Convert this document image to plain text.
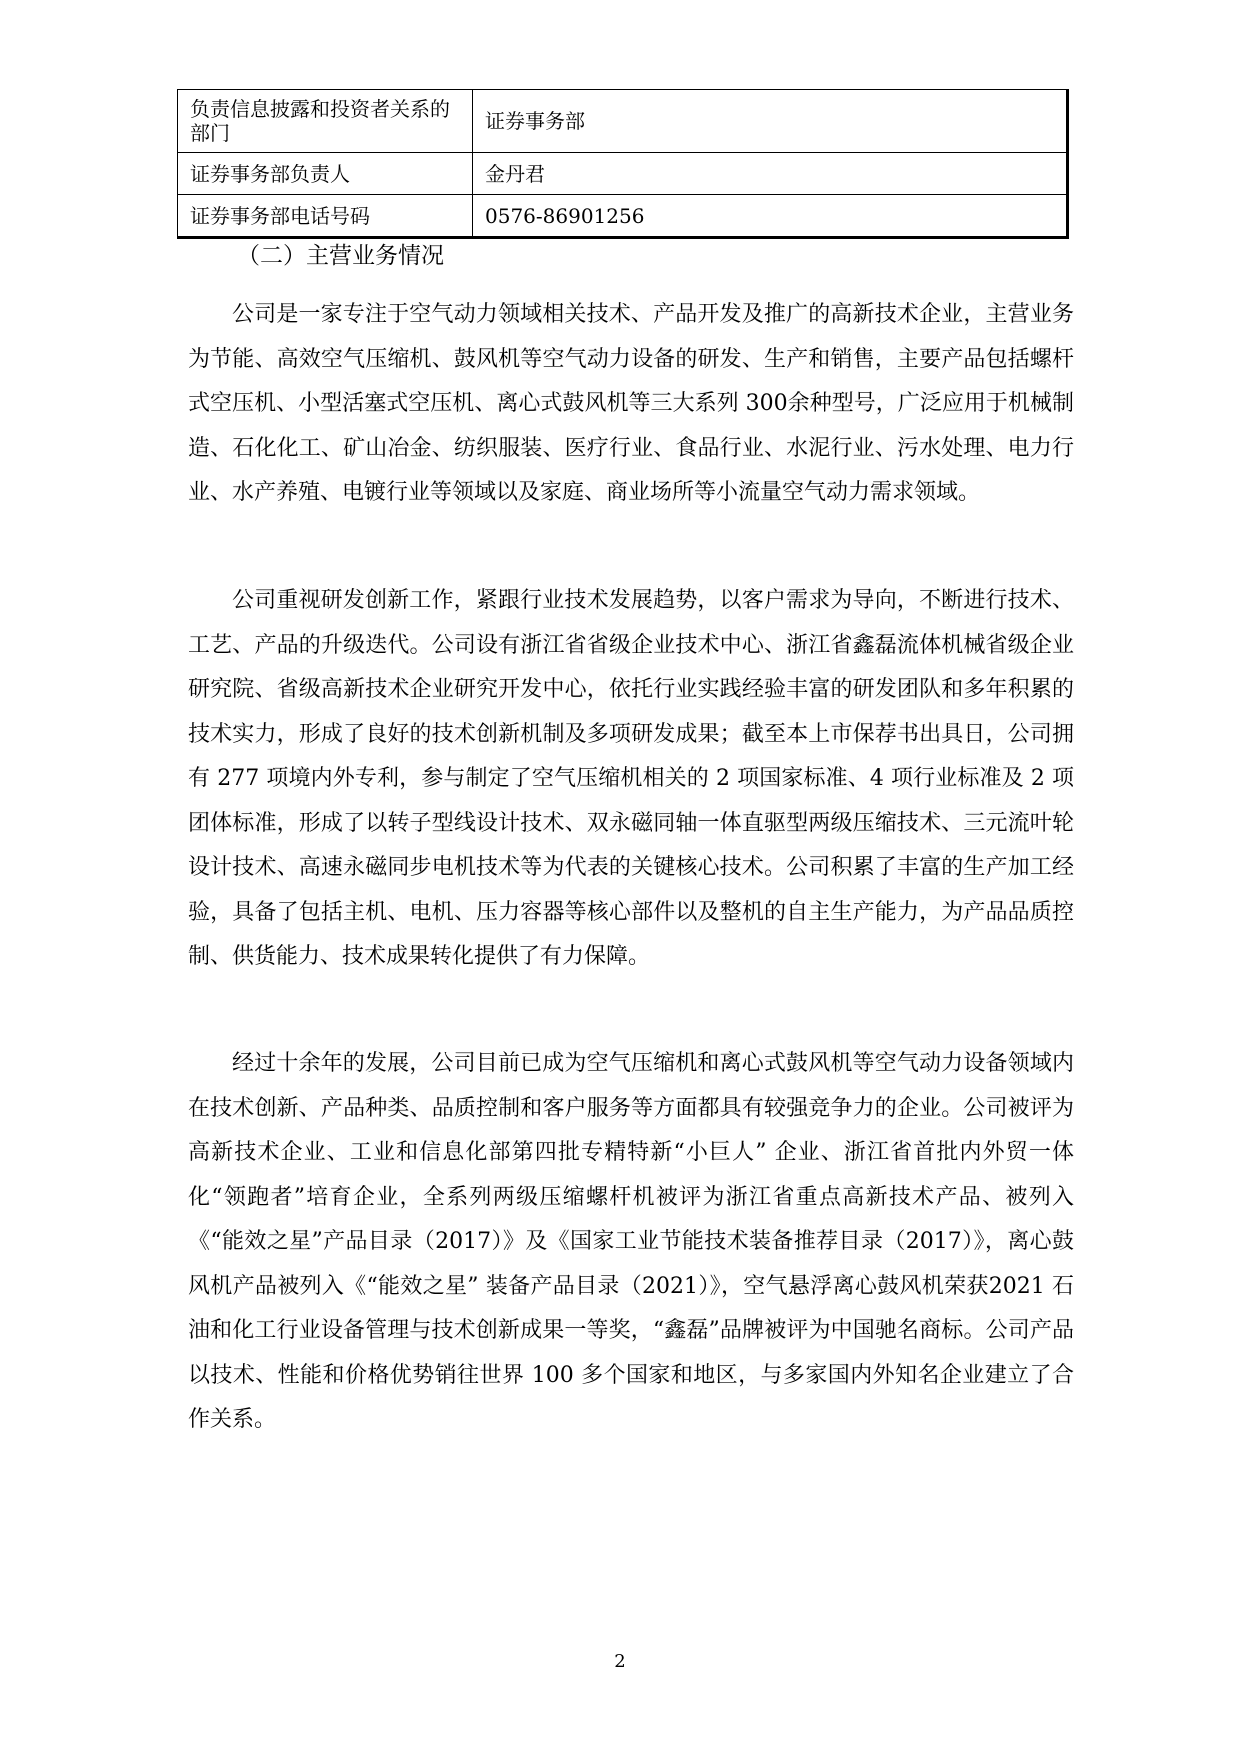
负责信息披露和投资者关系的部门	证券事务部
证券事务部负责人	金丹君
证券事务部电话号码	0576-86901256
（二）主营业务情况

公司是一家专注于空气动力领域相关技术、产品开发及推广的高新技术企业，主营业务为节能、高效空气压缩机、鼓风机等空气动力设备的研发、生产和销售，主要产品包括螺杆式空压机、小型活塞式空压机、离心式鼓风机等三大系列 300余种型号，广泛应用于机械制造、石化化工、矿山冶金、纺织服装、医疗行业、食品行业、水泥行业、污水处理、电力行业、水产养殖、电镀行业等领域以及家庭、商业场所等小流量空气动力需求领域。

公司重视研发创新工作，紧跟行业技术发展趋势，以客户需求为导向，不断进行技术、工艺、产品的升级迭代。公司设有浙江省省级企业技术中心、浙江省鑫磊流体机械省级企业研究院、省级高新技术企业研究开发中心，依托行业实践经验丰富的研发团队和多年积累的技术实力，形成了良好的技术创新机制及多项研发成果；截至本上市保荐书出具日，公司拥有 277 项境内外专利，参与制定了空气压缩机相关的 2 项国家标准、4 项行业标准及 2 项团体标准，形成了以转子型线设计技术、双永磁同轴一体直驱型两级压缩技术、三元流叶轮设计技术、高速永磁同步电机技术等为代表的关键核心技术。公司积累了丰富的生产加工经验，具备了包括主机、电机、压力容器等核心部件以及整机的自主生产能力，为产品品质控制、供货能力、技术成果转化提供了有力保障。

经过十余年的发展，公司目前已成为空气压缩机和离心式鼓风机等空气动力设备领域内在技术创新、产品种类、品质控制和客户服务等方面都具有较强竞争力的企业。公司被评为高新技术企业、工业和信息化部第四批专精特新“小巨人” 企业、浙江省首批内外贸一体化“领跑者”培育企业，全系列两级压缩螺杆机被评为浙江省重点高新技术产品、被列入《“能效之星”产品目录（2017）》及《国家工业节能技术装备推荐目录（2017）》，离心鼓风机产品被列入《“能效之星” 装备产品目录（2021）》，空气悬浮离心鼓风机荣获2021 石油和化工行业设备管理与技术创新成果一等奖，“鑫磊”品牌被评为中国驰名商标。公司产品以技术、性能和价格优势销往世界 100 多个国家和地区，与多家国内外知名企业建立了合作关系。

2
